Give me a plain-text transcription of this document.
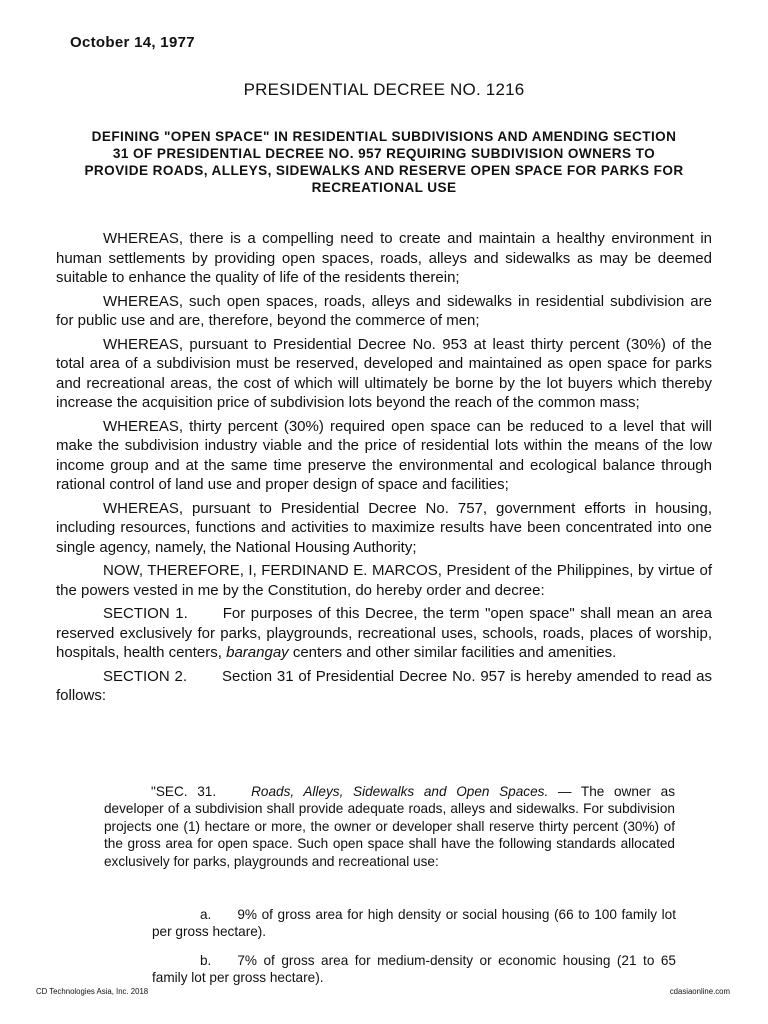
October 14, 1977
PRESIDENTIAL DECREE NO. 1216
DEFINING "OPEN SPACE" IN RESIDENTIAL SUBDIVISIONS AND AMENDING SECTION 31 OF PRESIDENTIAL DECREE NO. 957 REQUIRING SUBDIVISION OWNERS TO PROVIDE ROADS, ALLEYS, SIDEWALKS AND RESERVE OPEN SPACE FOR PARKS FOR RECREATIONAL USE

WHEREAS, there is a compelling need to create and maintain a healthy environment in human settlements by providing open spaces, roads, alleys and sidewalks as may be deemed suitable to enhance the quality of life of the residents therein;

WHEREAS, such open spaces, roads, alleys and sidewalks in residential subdivision are for public use and are, therefore, beyond the commerce of men;

WHEREAS, pursuant to Presidential Decree No. 953 at least thirty percent (30%) of the total area of a subdivision must be reserved, developed and maintained as open space for parks and recreational areas, the cost of which will ultimately be borne by the lot buyers which thereby increase the acquisition price of subdivision lots beyond the reach of the common mass;

WHEREAS, thirty percent (30%) required open space can be reduced to a level that will make the subdivision industry viable and the price of residential lots within the means of the low income group and at the same time preserve the environmental and ecological balance through rational control of land use and proper design of space and facilities;

WHEREAS, pursuant to Presidential Decree No. 757, government efforts in housing, including resources, functions and activities to maximize results have been concentrated into one single agency, namely, the National Housing Authority;

NOW, THEREFORE, I, FERDINAND E. MARCOS, President of the Philippines, by virtue of the powers vested in me by the Constitution, do hereby order and decree:

SECTION 1. For purposes of this Decree, the term "open space" shall mean an area reserved exclusively for parks, playgrounds, recreational uses, schools, roads, places of worship, hospitals, health centers, barangay centers and other similar facilities and amenities.

SECTION 2. Section 31 of Presidential Decree No. 957 is hereby amended to read as follows:

"SEC. 31.	Roads, Alleys, Sidewalks and Open Spaces. — The owner as developer of a subdivision shall provide adequate roads, alleys and sidewalks. For subdivision projects one (1) hectare or more, the owner or developer shall reserve thirty percent (30%) of the gross area for open space. Such open space shall have the following standards allocated exclusively for parks, playgrounds and recreational use:

a. 9% of gross area for high density or social housing (66 to 100 family lot per gross hectare).

b. 7% of gross area for medium-density or economic housing (21 to 65 family lot per gross hectare).

CD Technologies Asia, Inc. 2018	cdasiaonline.com
